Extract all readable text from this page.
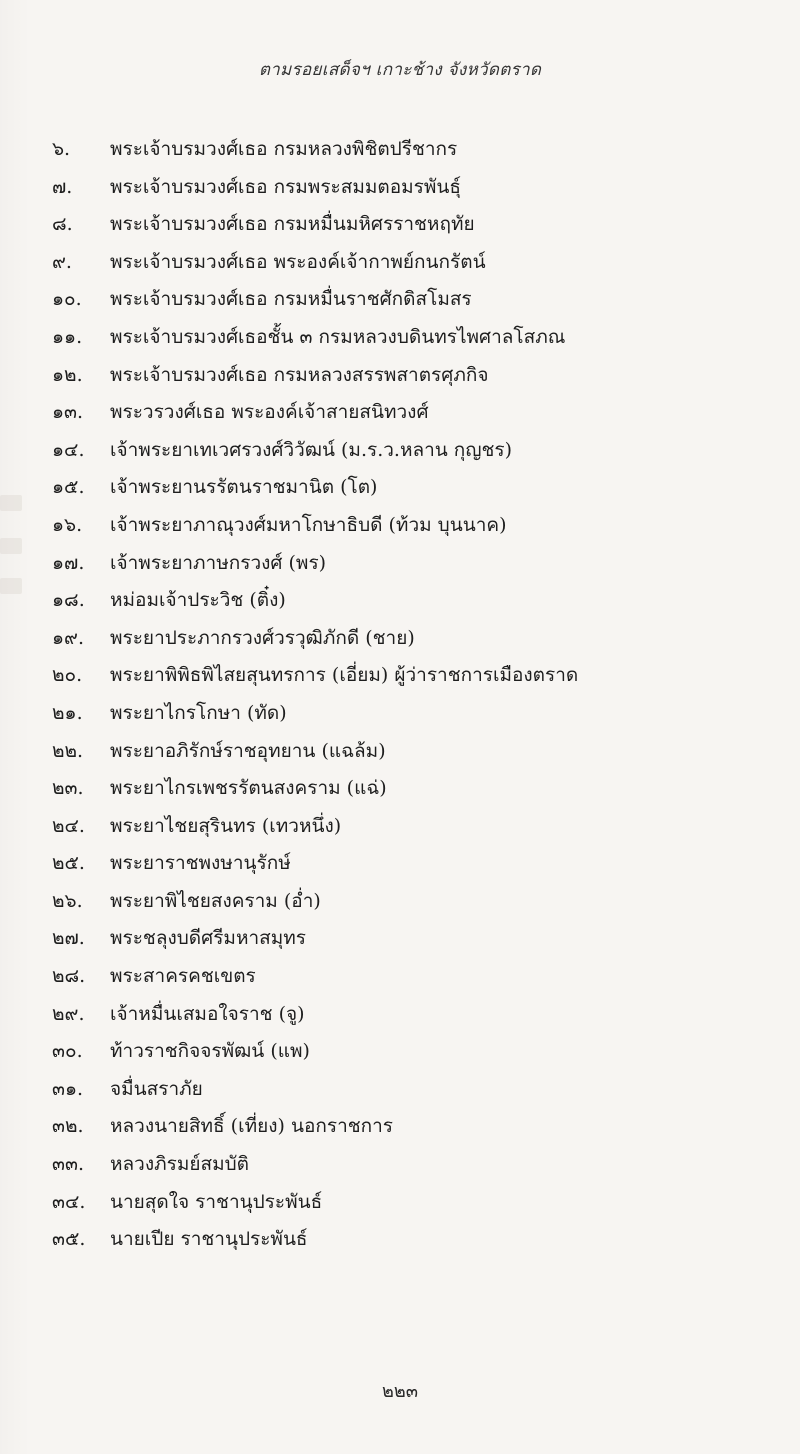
ตามรอยเสด็จฯ เกาะช้าง จังหวัดตราด
๖. พระเจ้าบรมวงศ์เธอ กรมหลวงพิชิตปรีชากร
๗. พระเจ้าบรมวงศ์เธอ กรมพระสมมตอมรพันธุ์
๘. พระเจ้าบรมวงศ์เธอ กรมหมื่นมหิศรราชหฤทัย
๙. พระเจ้าบรมวงศ์เธอ พระองค์เจ้ากาพย์กนกรัตน์
๑๐. พระเจ้าบรมวงศ์เธอ กรมหมื่นราชศักดิสโมสร
๑๑. พระเจ้าบรมวงศ์เธอชั้น ๓ กรมหลวงบดินทรไพศาลโสภณ
๑๒. พระเจ้าบรมวงศ์เธอ กรมหลวงสรรพสาตรศุภกิจ
๑๓. พระวรวงศ์เธอ พระองค์เจ้าสายสนิทวงศ์
๑๔. เจ้าพระยาเทเวศรวงศ์วิวัฒน์ (ม.ร.ว.หลาน กุญชร)
๑๕. เจ้าพระยานรรัตนราชมานิต (โต)
๑๖. เจ้าพระยาภาณุวงศ์มหาโกษาธิบดี (ท้วม บุนนาค)
๑๗. เจ้าพระยาภาษกรวงศ์ (พร)
๑๘. หม่อมเจ้าประวิช (ติ๋ง)
๑๙. พระยาประภากรวงศ์วรวุฒิภักดี (ชาย)
๒๐. พระยาพิพิธพิไสยสุนทรการ (เอี่ยม) ผู้ว่าราชการเมืองตราด
๒๑. พระยาไกรโกษา (ทัด)
๒๒. พระยาอภิรักษ์ราชอุทยาน (แฉล้ม)
๒๓. พระยาไกรเพชรรัตนสงคราม (แฉ่)
๒๔. พระยาไชยสุรินทร (เทวหนึ่ง)
๒๕. พระยาราชพงษานุรักษ์
๒๖. พระยาพิไชยสงคราม (อ่ำ)
๒๗. พระชลุงบดีศรีมหาสมุทร
๒๘. พระสาครคชเขตร
๒๙. เจ้าหมื่นเสมอใจราช (จู)
๓๐. ท้าวราชกิจจรพัฒน์ (แพ)
๓๑. จมื่นสราภัย
๓๒. หลวงนายสิทธิ์ (เที่ยง) นอกราชการ
๓๓. หลวงภิรมย์สมบัติ
๓๔. นายสุดใจ ราชานุประพันธ์
๓๕. นายเปีย ราชานุประพันธ์
๒๒๓
